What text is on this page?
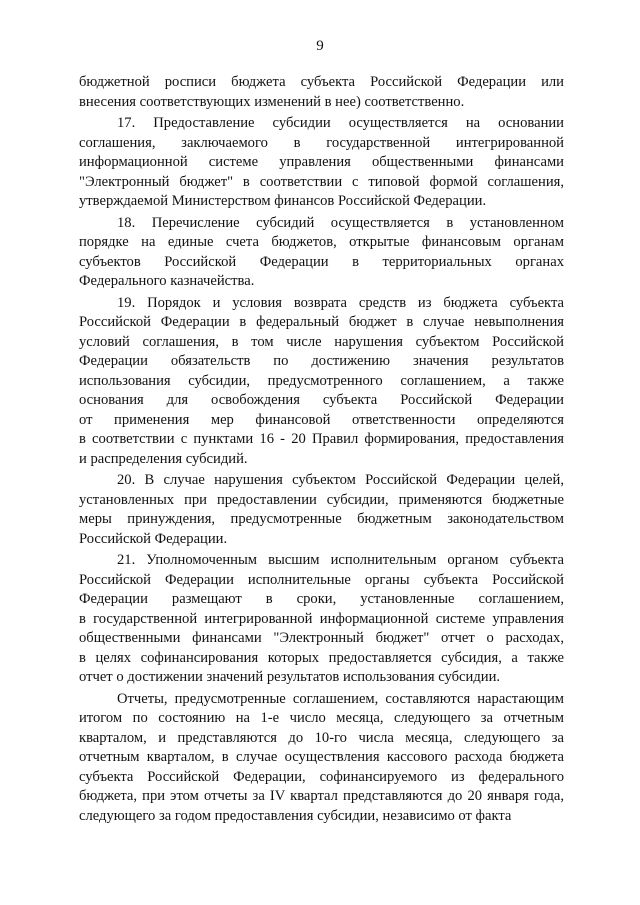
9
бюджетной росписи бюджета субъекта Российской Федерации или
внесения соответствующих изменений в нее) соответственно.
17. Предоставление субсидии осуществляется на основании
соглашения, заключаемого в государственной интегрированной
информационной системе управления общественными финансами
"Электронный бюджет" в соответствии с типовой формой соглашения,
утверждаемой Министерством финансов Российской Федерации.
18. Перечисление субсидий осуществляется в установленном
порядке на единые счета бюджетов, открытые финансовым органам
субъектов Российской Федерации в территориальных органах
Федерального казначейства.
19. Порядок и условия возврата средств из бюджета субъекта
Российской Федерации в федеральный бюджет в случае невыполнения
условий соглашения, в том числе нарушения субъектом Российской
Федерации обязательств по достижению значения результатов
использования субсидии, предусмотренного соглашением, а также
основания для освобождения субъекта Российской Федерации
от применения мер финансовой ответственности определяются
в соответствии с пунктами 16 - 20 Правил формирования, предоставления
и распределения субсидий.
20. В случае нарушения субъектом Российской Федерации целей,
установленных при предоставлении субсидии, применяются бюджетные
меры принуждения, предусмотренные бюджетным законодательством
Российской Федерации.
21. Уполномоченным высшим исполнительным органом субъекта
Российской Федерации исполнительные органы субъекта Российской
Федерации размещают в сроки, установленные соглашением,
в государственной интегрированной информационной системе управления
общественными финансами "Электронный бюджет" отчет о расходах,
в целях софинансирования которых предоставляется субсидия, а также
отчет о достижении значений результатов использования субсидии.
Отчеты, предусмотренные соглашением, составляются нарастающим
итогом по состоянию на 1-е число месяца, следующего за отчетным
кварталом, и представляются до 10-го числа месяца, следующего за
отчетным кварталом, в случае осуществления кассового расхода бюджета
субъекта Российской Федерации, софинансируемого из федерального
бюджета, при этом отчеты за IV квартал представляются до 20 января года,
следующего за годом предоставления субсидии, независимо от факта
